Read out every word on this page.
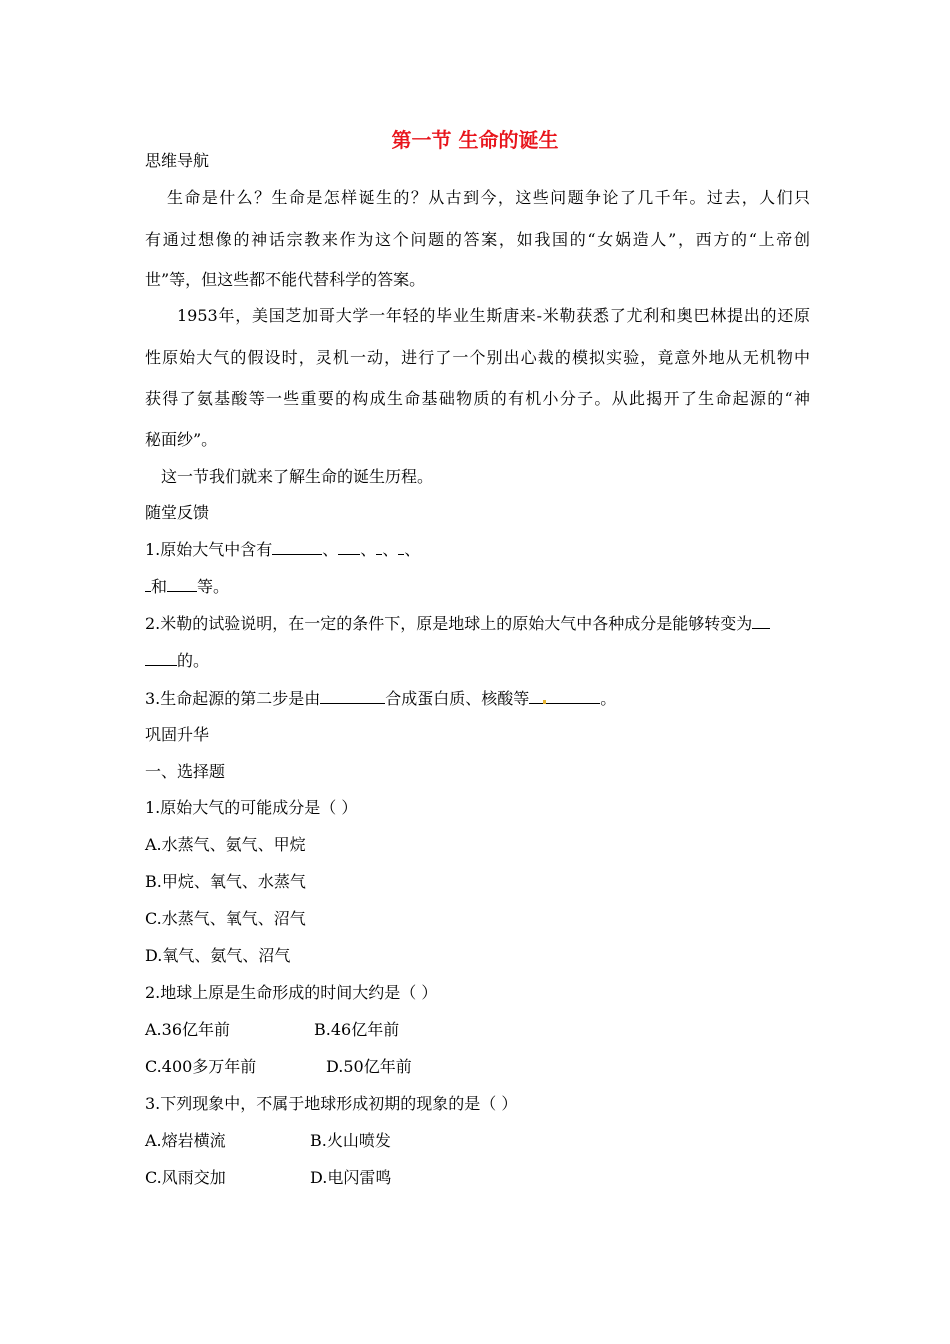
第一节 生命的诞生
思维导航
生命是什么？生命是怎样诞生的？从古到今，这些问题争论了几千年。过去，人们只
有通过想像的神话宗教来作为这个问题的答案，如我国的“女娲造人”，西方的“上帝创
世”等，但这些都不能代替科学的答案。
1953年，美国芝加哥大学一年轻的毕业生斯唐来-米勒获悉了尤利和奥巴林提出的还原
性原始大气的假设时，灵机一动，进行了一个别出心裁的模拟实验，竟意外地从无机物中
获得了氨基酸等一些重要的构成生命基础物质的有机小分子。从此揭开了生命起源的“神
秘面纱”。
这一节我们就来了解生命的诞生历程。
随堂反馈
1.原始大气中含有	、 、 、 、
和 等。
2.米勒的试验说明，在一定的条件下，原是地球上的原始大气中各种成分是能够转变为
的。
3.生命起源的第二步是由	合成蛋白质、核酸等	。
巩固升华
一、选择题
1.原始大气的可能成分是（ ）
A.水蒸气、氨气、甲烷
B.甲烷、氧气、水蒸气
C.水蒸气、氧气、沼气
D.氧气、氨气、沼气
2.地球上原是生命形成的时间大约是（ ）
A.36亿年前	B.46亿年前
C.400多万年前	D.50亿年前
3.下列现象中，不属于地球形成初期的现象的是（ ）
A.熔岩横流	B.火山喷发
C.风雨交加	D.电闪雷鸣
